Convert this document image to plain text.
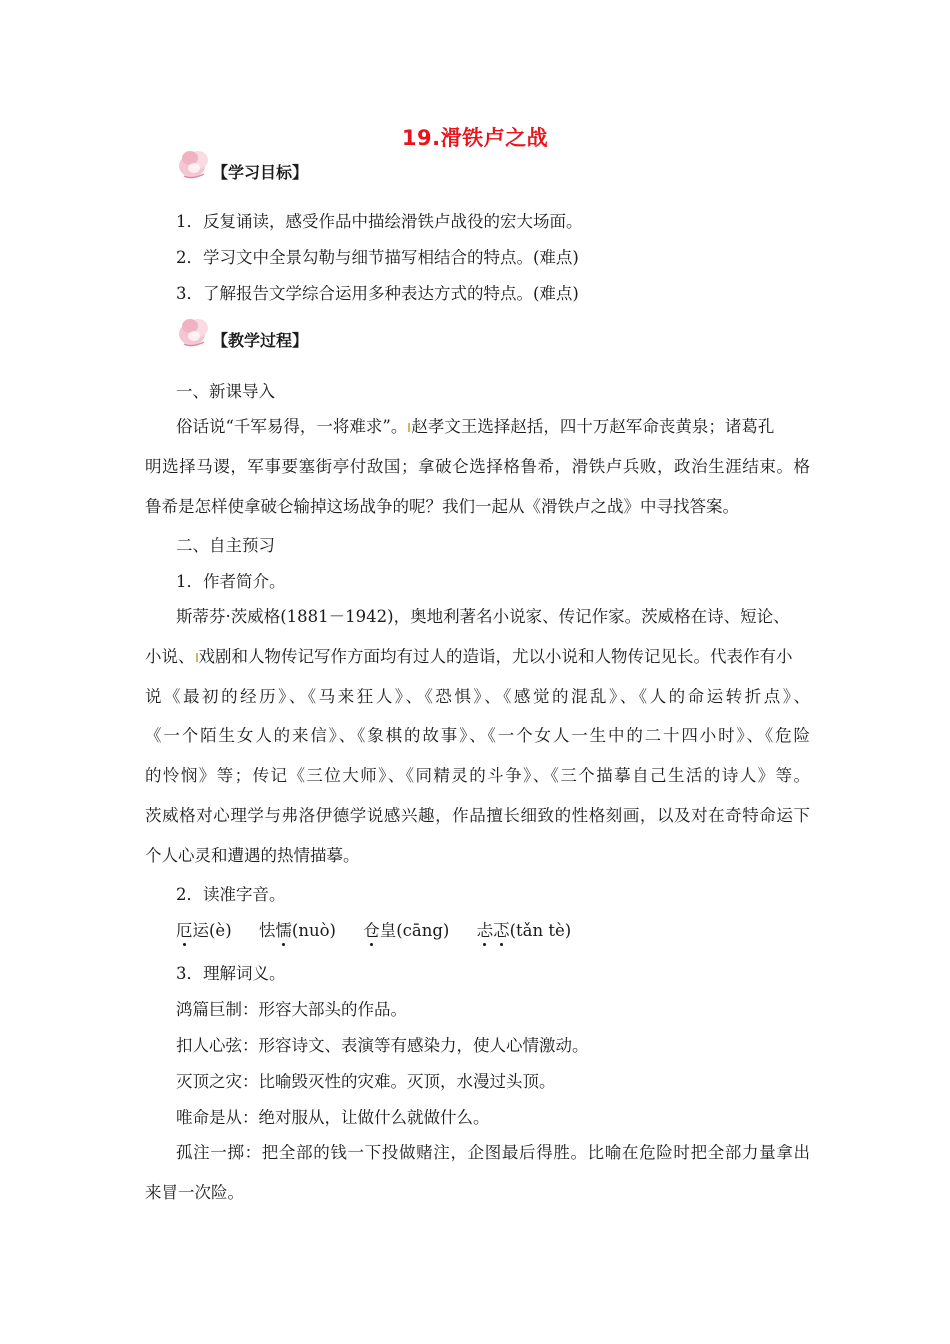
19.滑铁卢之战
【学习目标】
1．反复诵读，感受作品中描绘滑铁卢战役的宏大场面。
2．学习文中全景勾勒与细节描写相结合的特点。(难点)
3．了解报告文学综合运用多种表达方式的特点。(难点)
【教学过程】
一、新课导入
俗话说“千军易得，一将难求”。 赵孝文王选择赵括，四十万赵军命丧黄泉；诸葛孔
明选择马谡，军事要塞街亭付敌国；拿破仑选择格鲁希，滑铁卢兵败，政治生涯结束。格
鲁希是怎样使拿破仑输掉这场战争的呢？我们一起从《滑铁卢之战》中寻找答案。
二、自主预习
1．作者简介。
斯蒂芬·茨威格(1881－1942)，奥地利著名小说家、传记作家。茨威格在诗、短论、
小说、 戏剧和人物传记写作方面均有过人的造诣，尤以小说和人物传记见长。代表作有小
说《最初的经历》、《马来狂人》、《恐惧》、《感觉的混乱》、《人的命运转折点》、
《一个陌生女人的来信》、《象棋的故事》、《一个女人一生中的二十四小时》、《危险
的怜悯》等；传记《三位大师》、《同精灵的斗争》、《三个描摹自己生活的诗人》等。
茨威格对心理学与弗洛伊德学说感兴趣，作品擅长细致的性格刻画，以及对在奇特命运下
个人心灵和遭遇的热情描摹。
2．读准字音。
厄运(è) 怯懦(nuò) 仓皇(cāng) 忐忑(tǎn tè)
3．理解词义。
鸿篇巨制：形容大部头的作品。
扣人心弦：形容诗文、表演等有感染力，使人心情激动。
灭顶之灾：比喻毁灭性的灾难。灭顶，水漫过头顶。
唯命是从：绝对服从，让做什么就做什么。
孤注一掷：把全部的钱一下投做赌注，企图最后得胜。比喻在危险时把全部力量拿出
来冒一次险。
